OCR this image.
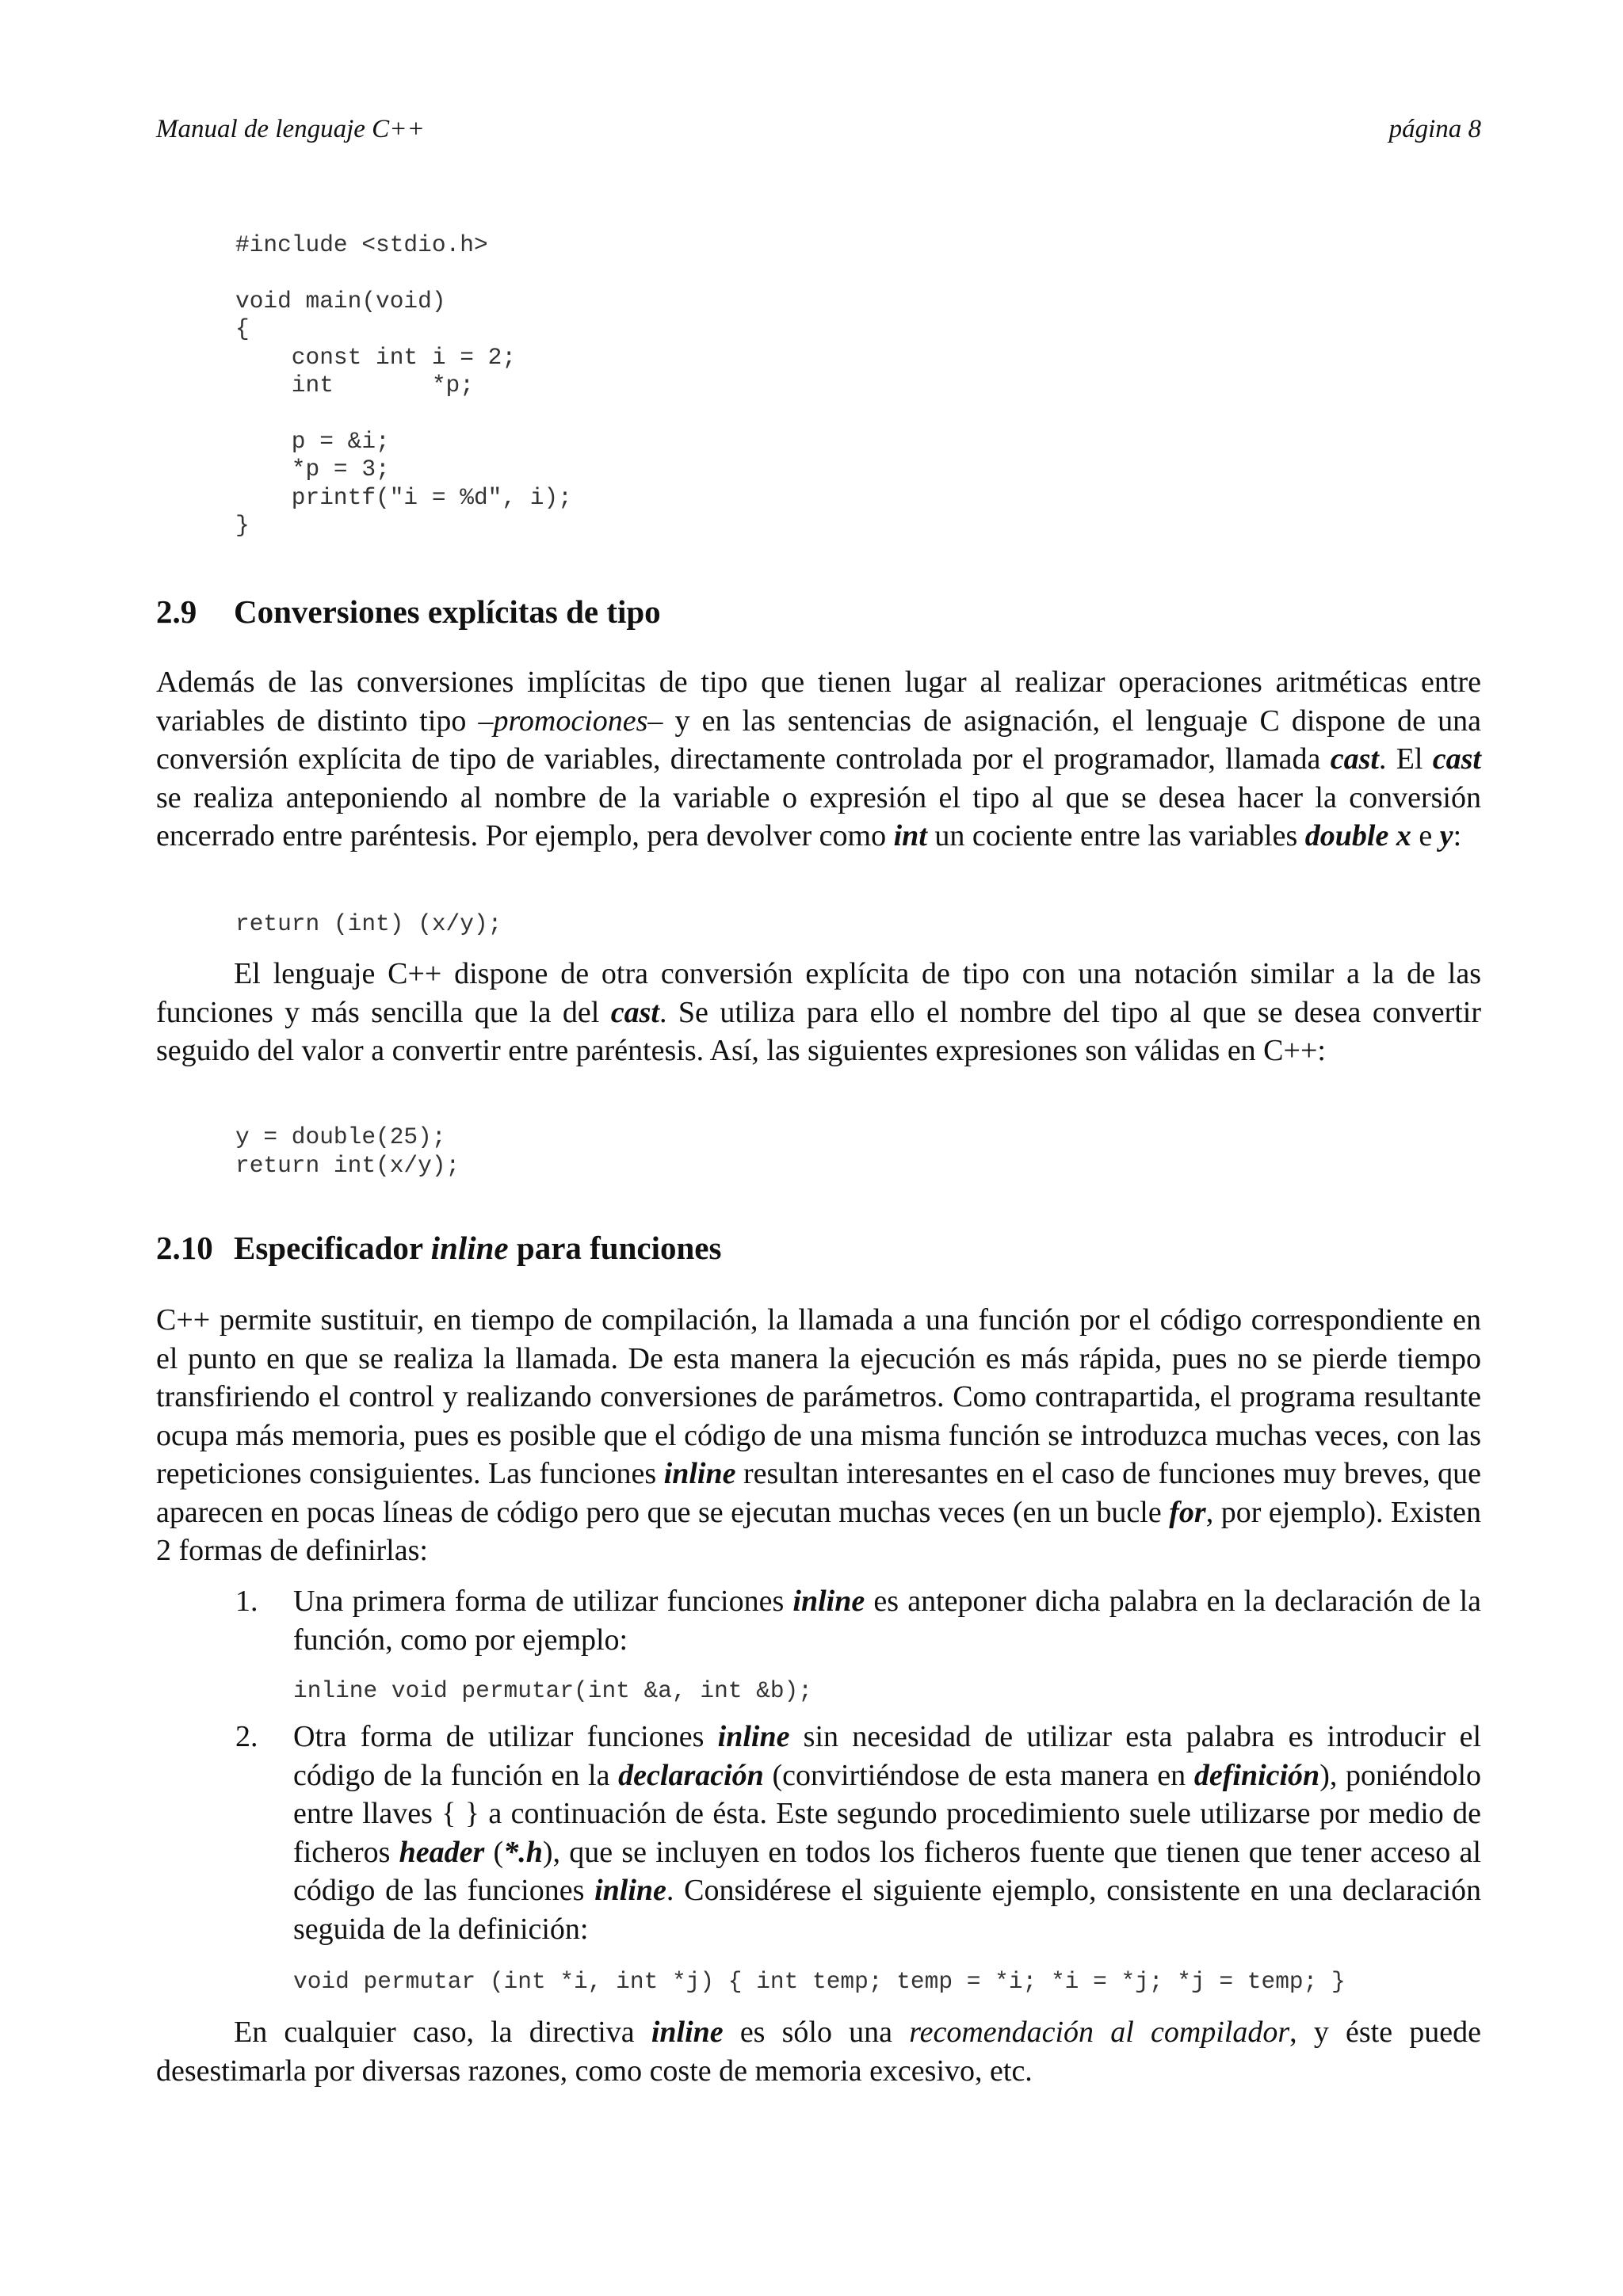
Manual de lenguaje C++	página 8
#include <stdio.h>
void main(void)
{
const int i = 2;
int       *p;
p = &i;
*p = 3;
printf("i = %d", i);
}
2.9 Conversiones explícitas de tipo

Además de las conversiones implícitas de tipo que tienen lugar al realizar operaciones aritméticas entre variables de distinto tipo –promociones– y en las sentencias de asignación, el lenguaje C dispone de una conversión explícita de tipo de variables, directamente controlada por el programador, llamada cast. El cast se realiza anteponiendo al nombre de la variable o expresión el tipo al que se desea hacer la conversión encerrado entre paréntesis. Por ejemplo, pera devolver como int un cociente entre las variables double x e y:

return (int) (x/y);

El lenguaje C++ dispone de otra conversión explícita de tipo con una notación similar a la de las funciones y más sencilla que la del cast. Se utiliza para ello el nombre del tipo al que se desea convertir seguido del valor a convertir entre paréntesis. Así, las siguientes expresiones son válidas en C++:

y = double(25);
return int(x/y);
2.10 Especificador inline para funciones

C++ permite sustituir, en tiempo de compilación, la llamada a una función por el código correspondiente en el punto en que se realiza la llamada. De esta manera la ejecución es más rápida, pues no se pierde tiempo transfiriendo el control y realizando conversiones de parámetros. Como contrapartida, el programa resultante ocupa más memoria, pues es posible que el código de una misma función se introduzca muchas veces, con las repeticiones consiguientes. Las funciones inline resultan interesantes en el caso de funciones muy breves, que aparecen en pocas líneas de código pero que se ejecutan muchas veces (en un bucle for, por ejemplo). Existen 2 formas de definirlas:

1. Una primera forma de utilizar funciones inline es anteponer dicha palabra en la declaración de la función, como por ejemplo:
inline void permutar(int &a, int &b);
2. Otra forma de utilizar funciones inline sin necesidad de utilizar esta palabra es introducir el código de la función en la declaración (convirtiéndose de esta manera en definición), poniéndolo entre llaves { } a continuación de ésta. Este segundo procedimiento suele utilizarse por medio de ficheros header (*.h), que se incluyen en todos los ficheros fuente que tienen que tener acceso al código de las funciones inline. Considérese el siguiente ejemplo, consistente en una declaración seguida de la definición:
void permutar (int *i, int *j) { int temp; temp = *i; *i = *j; *j = temp; }

En cualquier caso, la directiva inline es sólo una recomendación al compilador, y éste puede desestimarla por diversas razones, como coste de memoria excesivo, etc.
